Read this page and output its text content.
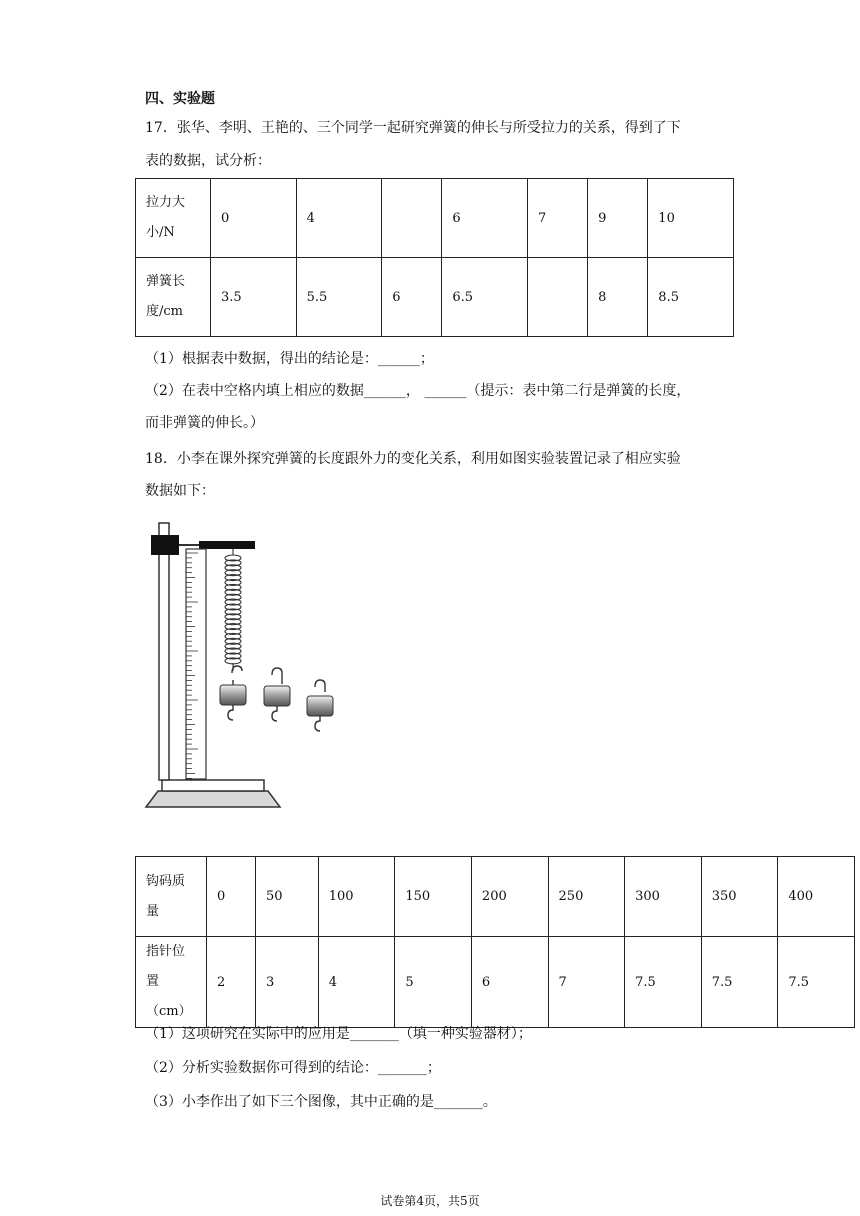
四、实验题
17．张华、李明、王艳的、三个同学一起研究弹簧的伸长与所受拉力的关系，得到了下
表的数据，试分析：
拉力大
小/N	0	4		6	7	9	10

弹簧长
度/cm	3.5	5.5	6	6.5		8	8.5
（1）根据表中数据，得出的结论是：______；
（2）在表中空格内填上相应的数据______， ______（提示：表中第二行是弹簧的长度，
而非弹簧的伸长。）
18．小李在课外探究弹簧的长度跟外力的变化关系，利用如图实验装置记录了相应实验
数据如下：
钩码质
量	0	50	100	150	200	250	300	350	400

指针位
置（cm）	2	3	4	5	6	7	7.5	7.5	7.5
（1）这项研究在实际中的应用是_______（填一种实验器材）；
（2）分析实验数据你可得到的结论：_______；
（3）小李作出了如下三个图像，其中正确的是_______。
试卷第4页，共5页
